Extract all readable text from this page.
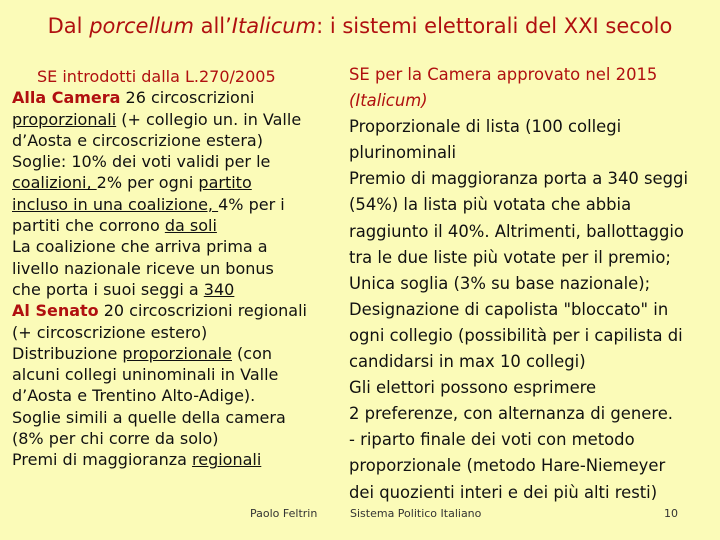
Dal porcellum all’Italicum: i sistemi elettorali del XXI secolo
SE introdotti dalla L.270/2005
Alla Camera 26 circoscrizioni
proporzionali (+ collegio un. in Valle
d’Aosta e circoscrizione estera)
Soglie: 10% dei voti validi per le
coalizioni, 2% per ogni partito
incluso in una coalizione, 4% per i
partiti che corrono da soli
La coalizione che arriva prima a
livello nazionale riceve un bonus
che porta i suoi seggi a 340
Al Senato 20 circoscrizioni regionali
(+ circoscrizione estero)
Distribuzione proporzionale (con
alcuni collegi uninominali in Valle
d’Aosta e Trentino Alto-Adige).
Soglie simili a quelle della camera
(8% per chi corre da solo)
Premi di maggioranza regionali
SE per la Camera approvato nel 2015
(Italicum)
Proporzionale di lista (100 collegi
plurinominali
Premio di maggioranza porta a 340 seggi
(54%) la lista più votata che abbia
raggiunto il 40%. Altrimenti, ballottaggio
tra le due liste più votate per il premio;
Unica soglia (3% su base nazionale);
Designazione di capolista "bloccato" in
ogni collegio (possibilità per i capilista di
candidarsi in max 10 collegi)
Gli elettori possono esprimere
2 preferenze, con alternanza di genere.
- riparto finale dei voti con metodo
proporzionale (metodo Hare-Niemeyer
dei quozienti interi e dei più alti resti)
Paolo Feltrin	Sistema Politico Italiano	10
